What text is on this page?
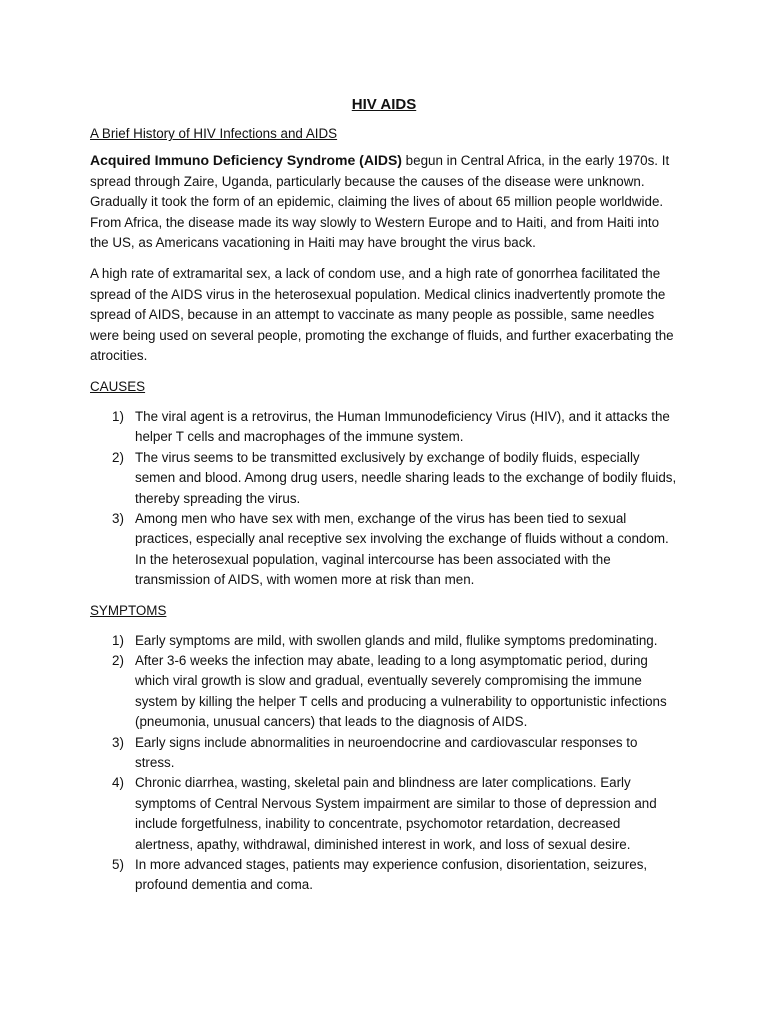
HIV AIDS
A Brief History of HIV Infections and AIDS

Acquired Immuno Deficiency Syndrome (AIDS) begun in Central Africa, in the early 1970s. It spread through Zaire, Uganda, particularly because the causes of the disease were unknown. Gradually it took the form of an epidemic, claiming the lives of about 65 million people worldwide. From Africa, the disease made its way slowly to Western Europe and to Haiti, and from Haiti into the US, as Americans vacationing in Haiti may have brought the virus back.

A high rate of extramarital sex, a lack of condom use, and a high rate of gonorrhea facilitated the spread of the AIDS virus in the heterosexual population. Medical clinics inadvertently promote the spread of AIDS, because in an attempt to vaccinate as many people as possible, same needles were being used on several people, promoting the exchange of fluids, and further exacerbating the atrocities.

CAUSES
1) The viral agent is a retrovirus, the Human Immunodeficiency Virus (HIV), and it attacks the helper T cells and macrophages of the immune system.
2) The virus seems to be transmitted exclusively by exchange of bodily fluids, especially semen and blood. Among drug users, needle sharing leads to the exchange of bodily fluids, thereby spreading the virus.
3) Among men who have sex with men, exchange of the virus has been tied to sexual practices, especially anal receptive sex involving the exchange of fluids without a condom. In the heterosexual population, vaginal intercourse has been associated with the transmission of AIDS, with women more at risk than men.
SYMPTOMS
1) Early symptoms are mild, with swollen glands and mild, flulike symptoms predominating.
2) After 3-6 weeks the infection may abate, leading to a long asymptomatic period, during which viral growth is slow and gradual, eventually severely compromising the immune system by killing the helper T cells and producing a vulnerability to opportunistic infections (pneumonia, unusual cancers) that leads to the diagnosis of AIDS.
3) Early signs include abnormalities in neuroendocrine and cardiovascular responses to stress.
4) Chronic diarrhea, wasting, skeletal pain and blindness are later complications. Early symptoms of Central Nervous System impairment are similar to those of depression and include forgetfulness, inability to concentrate, psychomotor retardation, decreased alertness, apathy, withdrawal, diminished interest in work, and loss of sexual desire.
5) In more advanced stages, patients may experience confusion, disorientation, seizures, profound dementia and coma.
